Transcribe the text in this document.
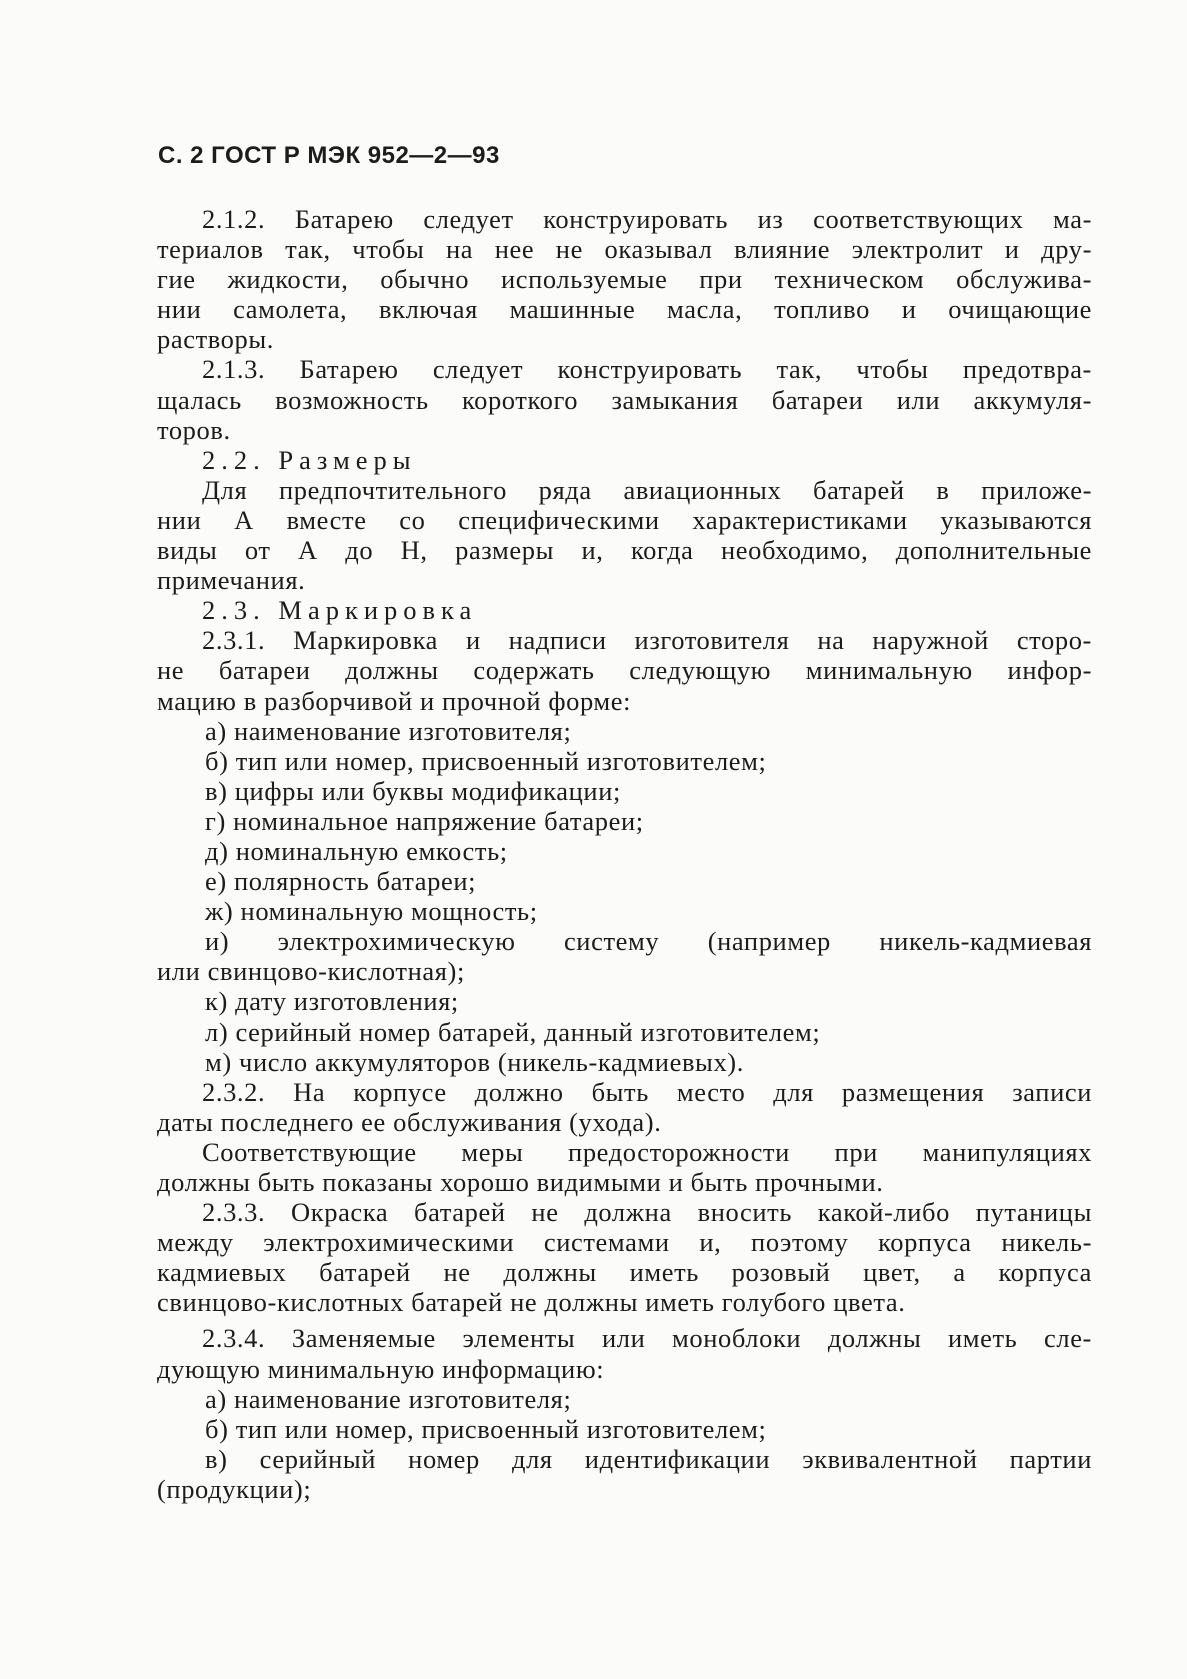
С. 2 ГОСТ Р МЭК 952—2—93
2.1.2. Батарею следует конструировать из соответствующих ма-
териалов так, чтобы на нее не оказывал влияние электролит и дру-
гие жидкости, обычно используемые при техническом обслужива-
нии самолета, включая машинные масла, топливо и очищающие
растворы.
2.1.3. Батарею следует конструировать так, чтобы предотвра-
щалась возможность короткого замыкания батареи или аккумуля-
торов.
2.2. Размеры
Для предпочтительного ряда авиационных батарей в приложе-
нии А вместе со специфическими характеристиками указываются
виды от А до Н, размеры и, когда необходимо, дополнительные
примечания.
2.3. Маркировка
2.3.1. Маркировка и надписи изготовителя на наружной сторо-
не батареи должны содержать следующую минимальную инфор-
мацию в разборчивой и прочной форме:
а) наименование изготовителя;
б) тип или номер, присвоенный изготовителем;
в) цифры или буквы модификации;
г) номинальное напряжение батареи;
д) номинальную емкость;
е) полярность батареи;
ж) номинальную мощность;
и) электрохимическую систему (например никель-кадмиевая
или свинцово-кислотная);
к) дату изготовления;
л) серийный номер батарей, данный изготовителем;
м) число аккумуляторов (никель-кадмиевых).
2.3.2. На корпусе должно быть место для размещения записи
даты последнего ее обслуживания (ухода).
Соответствующие меры предосторожности при манипуляциях
должны быть показаны хорошо видимыми и быть прочными.
2.3.3. Окраска батарей не должна вносить какой-либо путаницы
между электрохимическими системами и, поэтому корпуса никель-
кадмиевых батарей не должны иметь розовый цвет, а корпуса
свинцово-кислотных батарей не должны иметь голубого цвета.
2.3.4. Заменяемые элементы или моноблоки должны иметь сле-
дующую минимальную информацию:
а) наименование изготовителя;
б) тип или номер, присвоенный изготовителем;
в) серийный номер для идентификации эквивалентной партии
(продукции);
